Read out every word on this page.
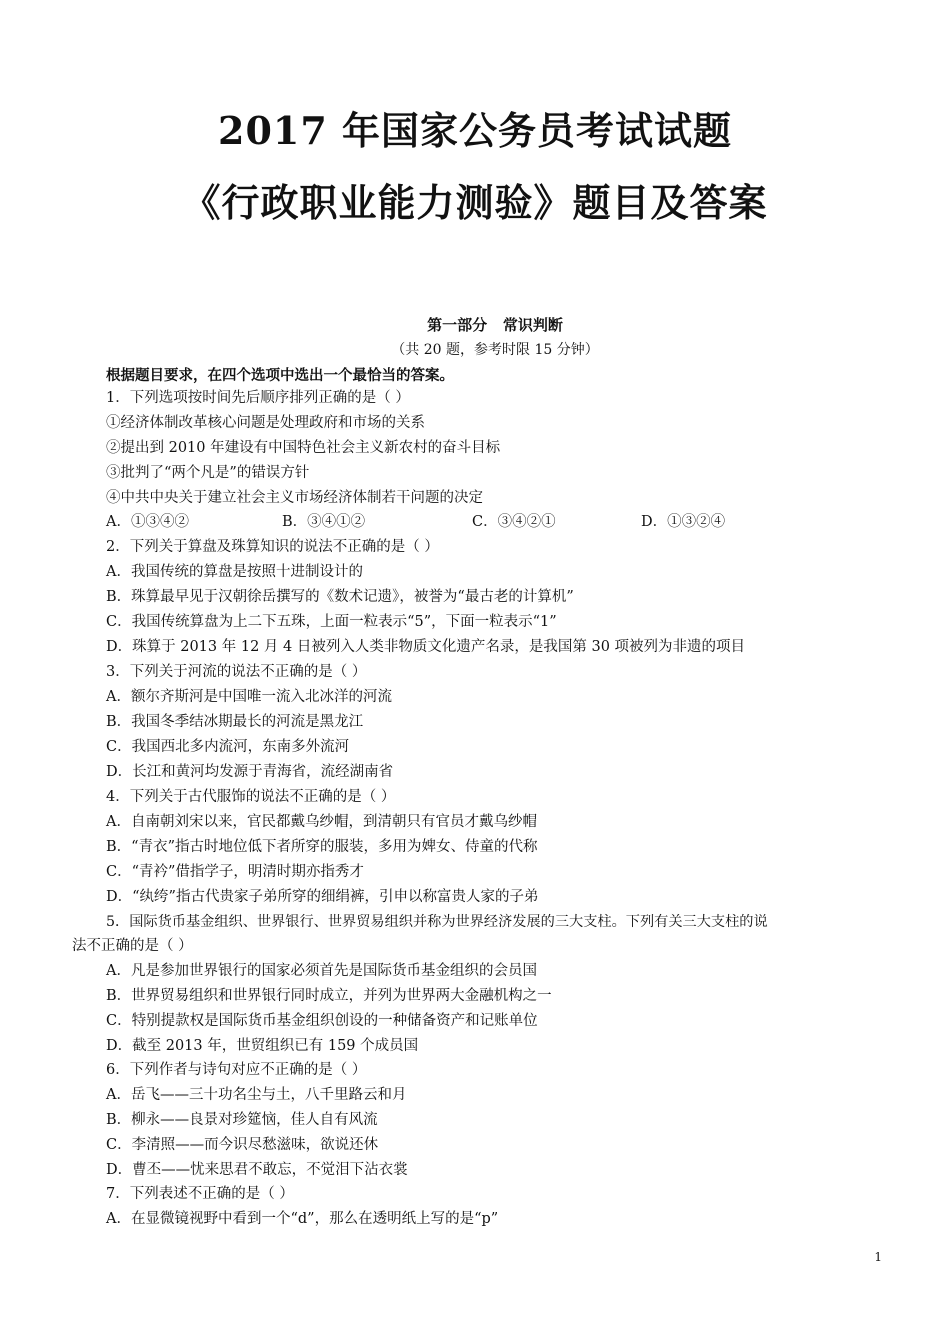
2017 年国家公务员考试试题
《行政职业能力测验》题目及答案
第一部分   常识判断
（共 20 题，参考时限 15 分钟）
根据题目要求，在四个选项中选出一个最恰当的答案。
1．下列选项按时间先后顺序排列正确的是（ ）
①经济体制改革核心问题是处理政府和市场的关系
②提出到 2010 年建设有中国特色社会主义新农村的奋斗目标
③批判了“两个凡是”的错误方针
④中共中央关于建立社会主义市场经济体制若干问题的决定
A．①③④②	B．③④①②	C．③④②①	D．①③②④
2．下列关于算盘及珠算知识的说法不正确的是（ ）
A．我国传统的算盘是按照十进制设计的
B．珠算最早见于汉朝徐岳撰写的《数术记遗》，被誉为“最古老的计算机”
C．我国传统算盘为上二下五珠，上面一粒表示“5”，下面一粒表示“1”
D．珠算于 2013 年 12 月 4 日被列入人类非物质文化遗产名录，是我国第 30 项被列为非遗的项目
3．下列关于河流的说法不正确的是（ ）
A．额尔齐斯河是中国唯一流入北冰洋的河流
B．我国冬季结冰期最长的河流是黑龙江
C．我国西北多内流河，东南多外流河
D．长江和黄河均发源于青海省，流经湖南省
4．下列关于古代服饰的说法不正确的是（ ）
A．自南朝刘宋以来，官民都戴乌纱帽，到清朝只有官员才戴乌纱帽
B．“青衣”指古时地位低下者所穿的服装，多用为婢女、侍童的代称
C．“青衿”借指学子，明清时期亦指秀才
D．“纨绔”指古代贵家子弟所穿的细绢裤，引申以称富贵人家的子弟
5．国际货币基金组织、世界银行、世界贸易组织并称为世界经济发展的三大支柱。下列有关三大支柱的说
法不正确的是（ ）
A．凡是参加世界银行的国家必须首先是国际货币基金组织的会员国
B．世界贸易组织和世界银行同时成立，并列为世界两大金融机构之一
C．特别提款权是国际货币基金组织创设的一种储备资产和记账单位
D．截至 2013 年，世贸组织已有 159 个成员国
6．下列作者与诗句对应不正确的是（ ）
A．岳飞——三十功名尘与土，八千里路云和月
B．柳永——良景对珍筵恼，佳人自有风流
C．李清照——而今识尽愁滋味，欲说还休
D．曹丕——忧来思君不敢忘，不觉泪下沾衣裳
7．下列表述不正确的是（ ）
A．在显微镜视野中看到一个“d”，那么在透明纸上写的是“p”
1
